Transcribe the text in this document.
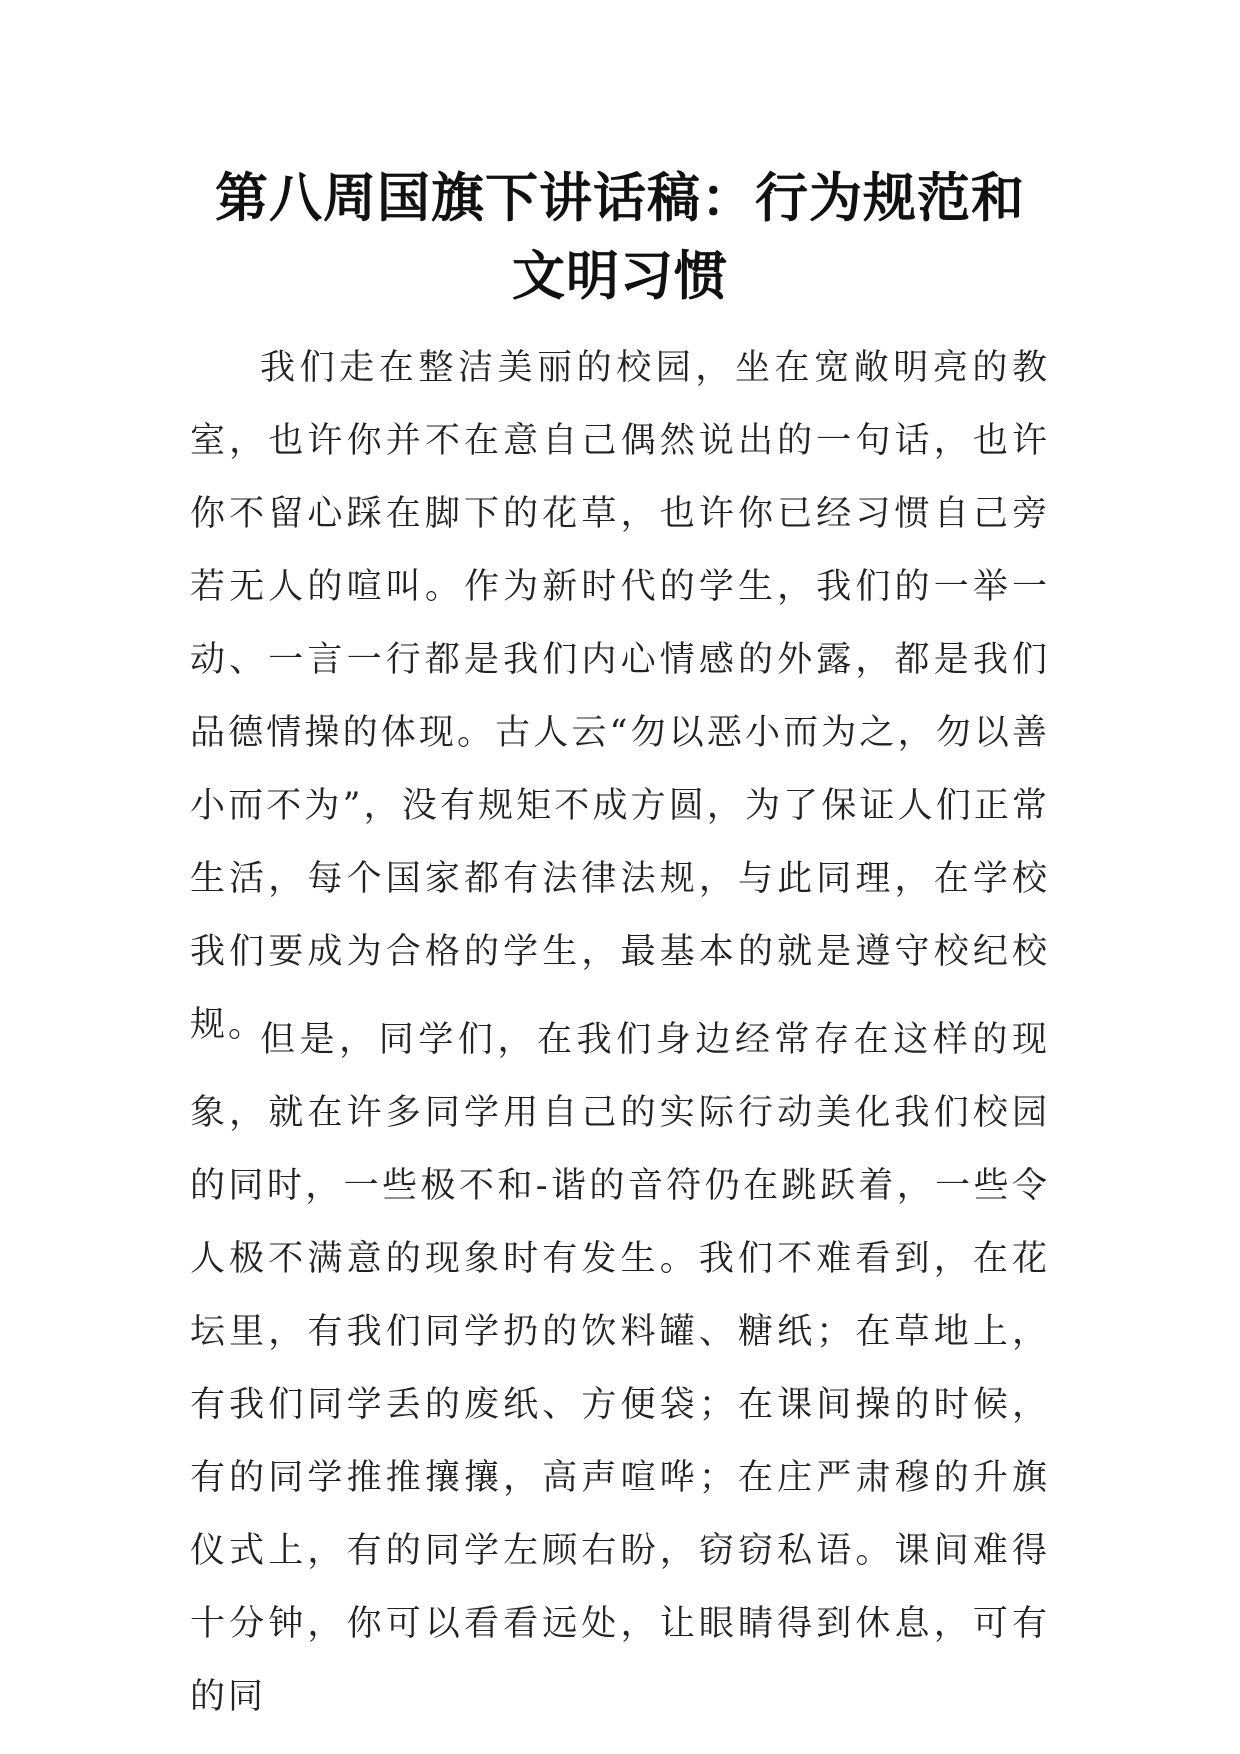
第八周国旗下讲话稿：行为规范和文明习惯

我们走在整洁美丽的校园，坐在宽敞明亮的教室，也许你并不在意自己偶然说出的一句话，也许你不留心踩在脚下的花草，也许你已经习惯自己旁若无人的喧叫。作为新时代的学生，我们的一举一动、一言一行都是我们内心情感的外露，都是我们品德情操的体现。古人云“勿以恶小而为之，勿以善小而不为”，没有规矩不成方圆，为了保证人们正常生活，每个国家都有法律法规，与此同理，在学校我们要成为合格的学生，最基本的就是遵守校纪校规。

但是，同学们，在我们身边经常存在这样的现象，就在许多同学用自己的实际行动美化我们校园的同时，一些极不和-谐的音符仍在跳跃着，一些令人极不满意的现象时有发生。我们不难看到，在花坛里，有我们同学扔的饮料罐、糖纸；在草地上，有我们同学丢的废纸、方便袋；在课间操的时候，有的同学推推攘攘，高声喧哗；在庄严肃穆的升旗仪式上，有的同学左顾右盼，窃窃私语。课间难得十分钟，你可以看看远处，让眼睛得到休息，可有的同
